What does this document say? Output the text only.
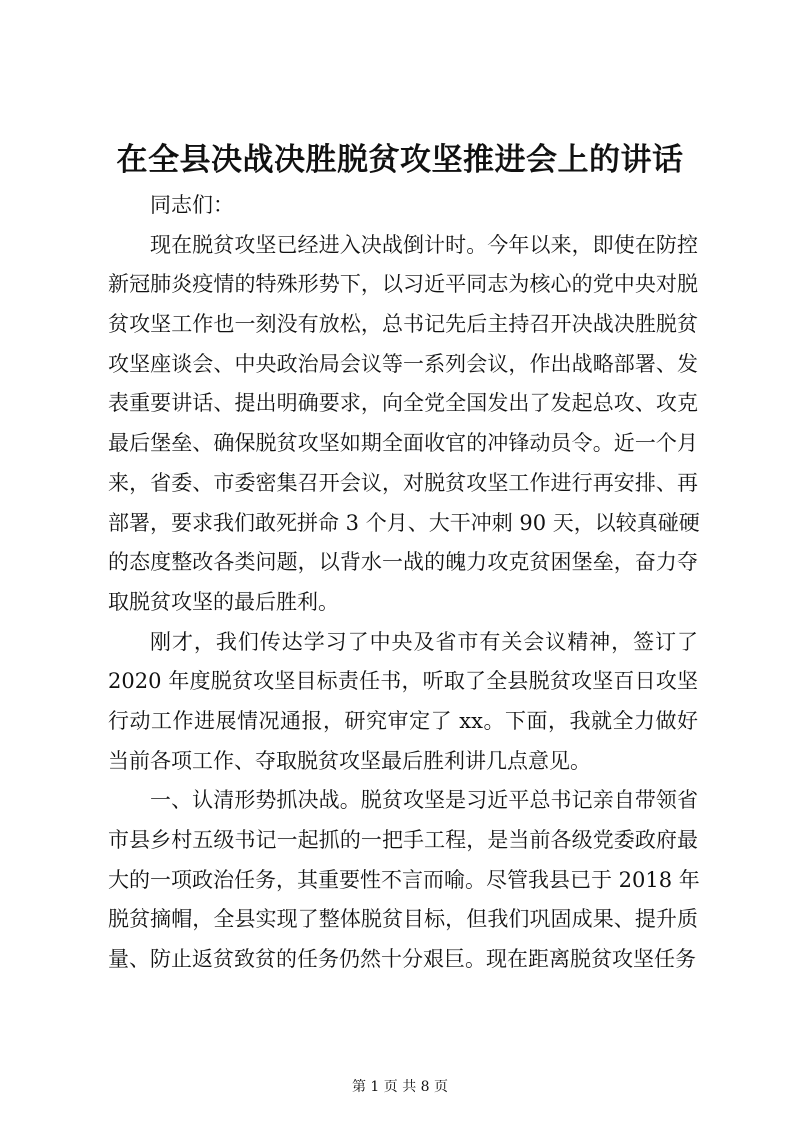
在全县决战决胜脱贫攻坚推进会上的讲话

同志们：

现在脱贫攻坚已经进入决战倒计时。今年以来，即使在防控
新冠肺炎疫情的特殊形势下，以习近平同志为核心的党中央对脱
贫攻坚工作也一刻没有放松，总书记先后主持召开决战决胜脱贫
攻坚座谈会、中央政治局会议等一系列会议，作出战略部署、发
表重要讲话、提出明确要求，向全党全国发出了发起总攻、攻克
最后堡垒、确保脱贫攻坚如期全面收官的冲锋动员令。近一个月
来，省委、市委密集召开会议，对脱贫攻坚工作进行再安排、再
部署，要求我们敢死拼命 3 个月、大干冲刺 90 天，以较真碰硬
的态度整改各类问题，以背水一战的魄力攻克贫困堡垒，奋力夺
取脱贫攻坚的最后胜利。

刚才，我们传达学习了中央及省市有关会议精神，签订了
2020 年度脱贫攻坚目标责任书，听取了全县脱贫攻坚百日攻坚
行动工作进展情况通报，研究审定了 xx。下面，我就全力做好
当前各项工作、夺取脱贫攻坚最后胜利讲几点意见。

一、认清形势抓决战。脱贫攻坚是习近平总书记亲自带领省
市县乡村五级书记一起抓的一把手工程，是当前各级党委政府最
大的一项政治任务，其重要性不言而喻。尽管我县已于 2018 年
脱贫摘帽，全县实现了整体脱贫目标，但我们巩固成果、提升质
量、防止返贫致贫的任务仍然十分艰巨。现在距离脱贫攻坚任务

第 1 页 共 8 页
